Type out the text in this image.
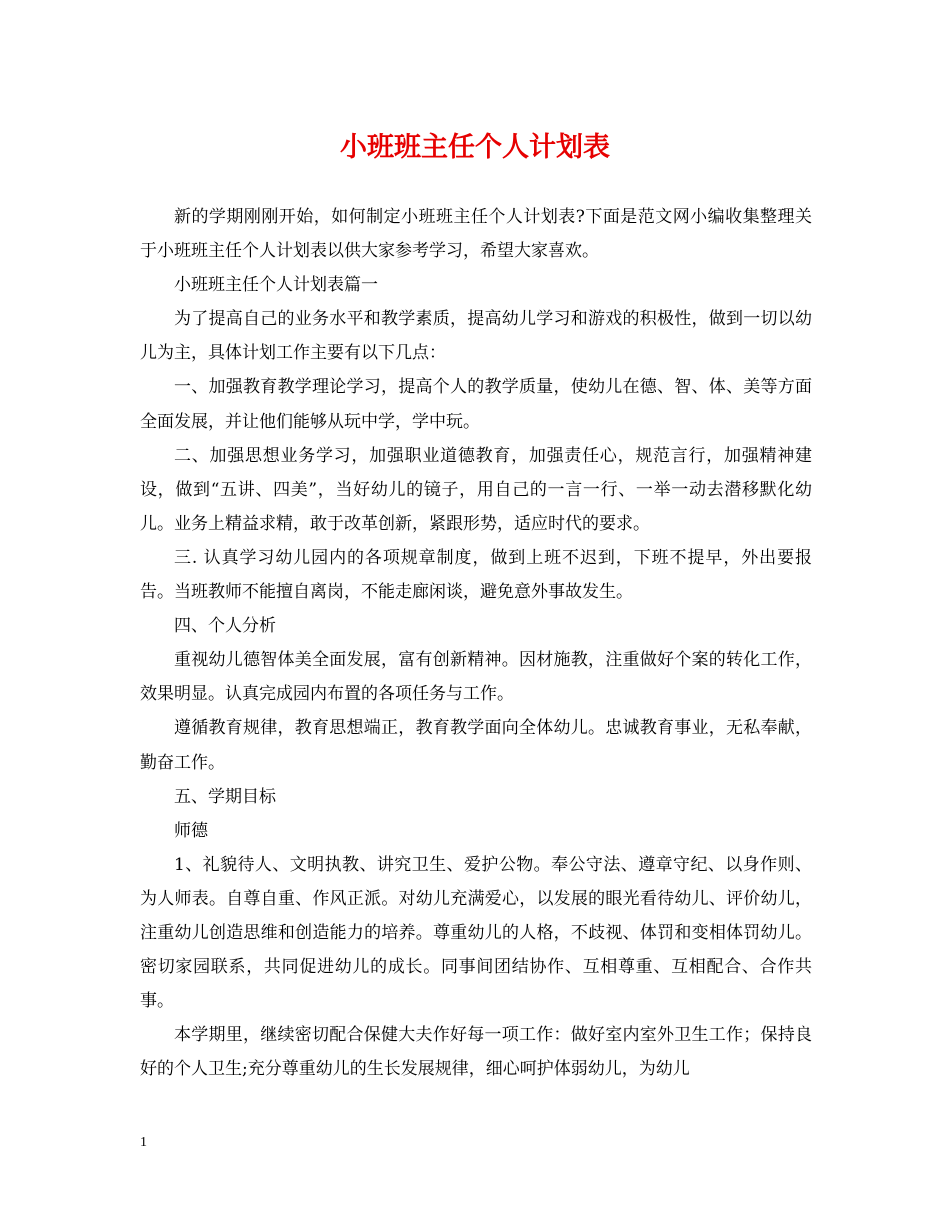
小班班主任个人计划表

新的学期刚刚开始，如何制定小班班主任个人计划表?下面是范文网小编收集整理关于小班班主任个人计划表以供大家参考学习，希望大家喜欢。

小班班主任个人计划表篇一

为了提高自己的业务水平和教学素质，提高幼儿学习和游戏的积极性，做到一切以幼儿为主，具体计划工作主要有以下几点：

一、加强教育教学理论学习，提高个人的教学质量，使幼儿在德、智、体、美等方面全面发展，并让他们能够从玩中学，学中玩。

二、加强思想业务学习，加强职业道德教育，加强责任心，规范言行，加强精神建设，做到“五讲、四美”，当好幼儿的镜子，用自己的一言一行、一举一动去潜移默化幼儿。业务上精益求精，敢于改革创新，紧跟形势，适应时代的要求。

三. 认真学习幼儿园内的各项规章制度，做到上班不迟到，下班不提早，外出要报告。当班教师不能擅自离岗，不能走廊闲谈，避免意外事故发生。

四、个人分析

重视幼儿德智体美全面发展，富有创新精神。因材施教，注重做好个案的转化工作，效果明显。认真完成园内布置的各项任务与工作。

遵循教育规律，教育思想端正，教育教学面向全体幼儿。忠诚教育事业，无私奉献，勤奋工作。

五、学期目标

师德

1、礼貌待人、文明执教、讲究卫生、爱护公物。奉公守法、遵章守纪、以身作则、为人师表。自尊自重、作风正派。对幼儿充满爱心，以发展的眼光看待幼儿、评价幼儿，注重幼儿创造思维和创造能力的培养。尊重幼儿的人格，不歧视、体罚和变相体罚幼儿。密切家园联系，共同促进幼儿的成长。同事间团结协作、互相尊重、互相配合、合作共事。

本学期里，继续密切配合保健大夫作好每一项工作：做好室内室外卫生工作；保持良好的个人卫生;充分尊重幼儿的生长发展规律，细心呵护体弱幼儿，为幼儿

1
